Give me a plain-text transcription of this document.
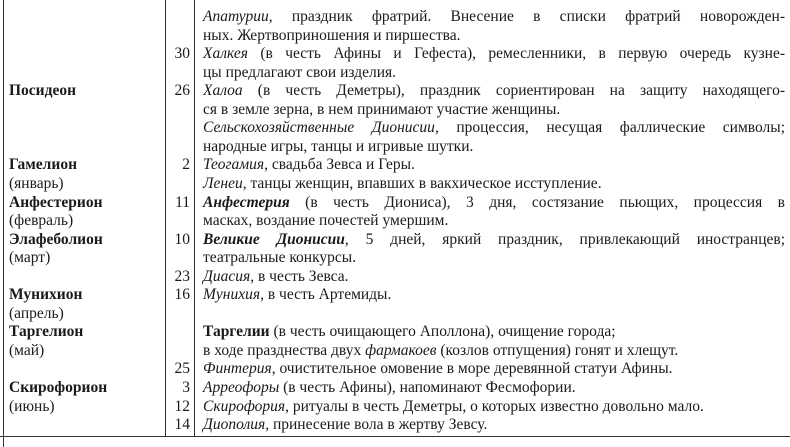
Посидеон
Гамелион
(январь)
Анфестерион
(февраль)
Элафеболион
(март)
Мунихион
(апрель)
Таргелион
(май)
Скирофорион
(июнь)
Апатурии, праздник фратрий. Внесение в списки фратрий новорожден-
ных. Жертвоприношения и пиршества.
30 Халкея (в честь Афины и Гефеста), ремесленники, в первую очередь кузне-
цы предлагают свои изделия.
26 Халоа (в честь Деметры), праздник сориентирован на защиту находящего-
ся в земле зерна, в нем принимают участие женщины.
Сельскохозяйственные Дионисии, процессия, несущая фаллические символы;
народные игры, танцы и игривые шутки.
2 Теогамия, свадьба Зевса и Геры.
Ленеи, танцы женщин, впавших в вакхическое исступление.
11 Анфестерия (в честь Диониса), 3 дня, состязание пьющих, процессия в
масках, воздание почестей умершим.
10 Великие Дионисии, 5 дней, яркий праздник, привлекающий иностранцев;
театральные конкурсы.
23 Диасия, в честь Зевса.
16 Мунихия, в честь Артемиды.
Таргелии (в честь очищающего Аполлона), очищение города;
в ходе празднества двух фармакоев (козлов отпущения) гонят и хлещут.
25 Финтерия, очистительное омовение в море деревянной статуи Афины.
3 Арреофоры (в честь Афины), напоминают Фесмофории.
12 Скирофория, ритуалы в честь Деметры, о которых известно довольно мало.
14 Диополия, принесение вола в жертву Зевсу.
